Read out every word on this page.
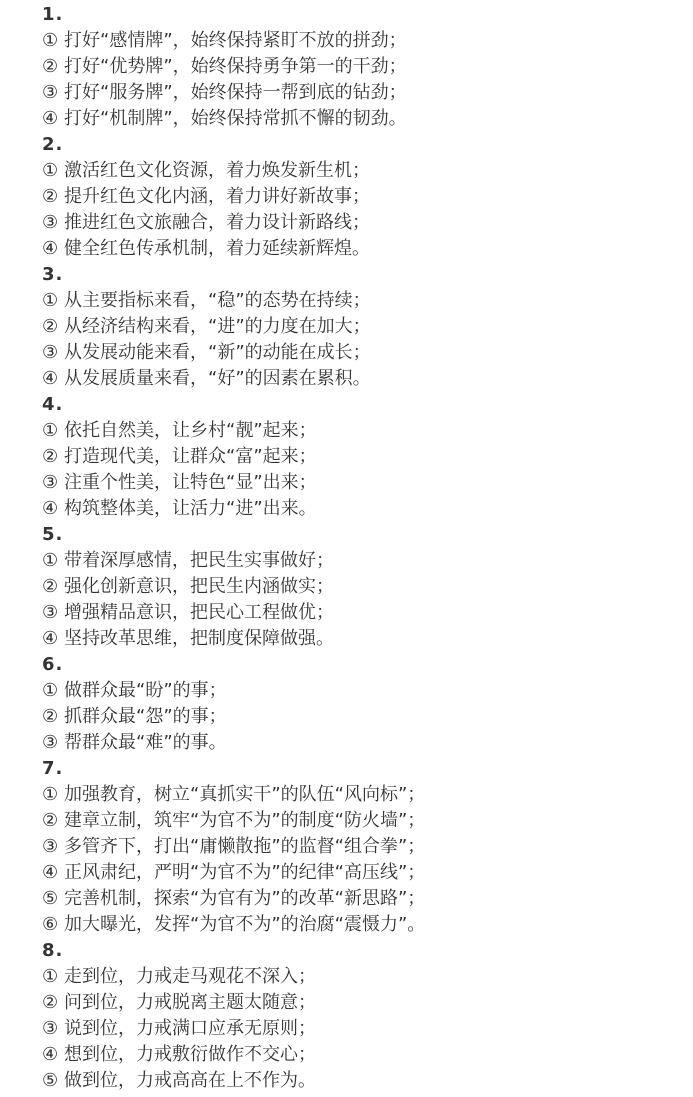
1.
① 打好“感情牌”，始终保持紧盯不放的拼劲；
② 打好“优势牌”，始终保持勇争第一的干劲；
③ 打好“服务牌”，始终保持一帮到底的钻劲；
④ 打好“机制牌”，始终保持常抓不懈的韧劲。
2.
① 激活红色文化资源，着力焕发新生机；
② 提升红色文化内涵，着力讲好新故事；
③ 推进红色文旅融合，着力设计新路线；
④ 健全红色传承机制，着力延续新辉煌。
3.
① 从主要指标来看，“稳”的态势在持续；
② 从经济结构来看，“进”的力度在加大；
③ 从发展动能来看，“新”的动能在成长；
④ 从发展质量来看，“好”的因素在累积。
4.
① 依托自然美，让乡村“靓”起来；
② 打造现代美，让群众“富”起来；
③ 注重个性美，让特色“显”出来；
④ 构筑整体美，让活力“进”出来。
5.
① 带着深厚感情，把民生实事做好；
② 强化创新意识，把民生内涵做实；
③ 增强精品意识，把民心工程做优；
④ 坚持改革思维，把制度保障做强。
6.
① 做群众最“盼”的事；
② 抓群众最“怨”的事；
③ 帮群众最“难”的事。
7.
① 加强教育，树立“真抓实干”的队伍“风向标”；
② 建章立制，筑牢“为官不为”的制度“防火墙”；
③ 多管齐下，打出“庸懒散拖”的监督“组合拳”；
④ 正风肃纪，严明“为官不为”的纪律“高压线”；
⑤ 完善机制，探索“为官有为”的改革“新思路”；
⑥ 加大曝光，发挥“为官不为”的治腐“震慑力”。
8.
① 走到位，力戒走马观花不深入；
② 问到位，力戒脱离主题太随意；
③ 说到位，力戒满口应承无原则；
④ 想到位，力戒敷衍做作不交心；
⑤ 做到位，力戒高高在上不作为。
